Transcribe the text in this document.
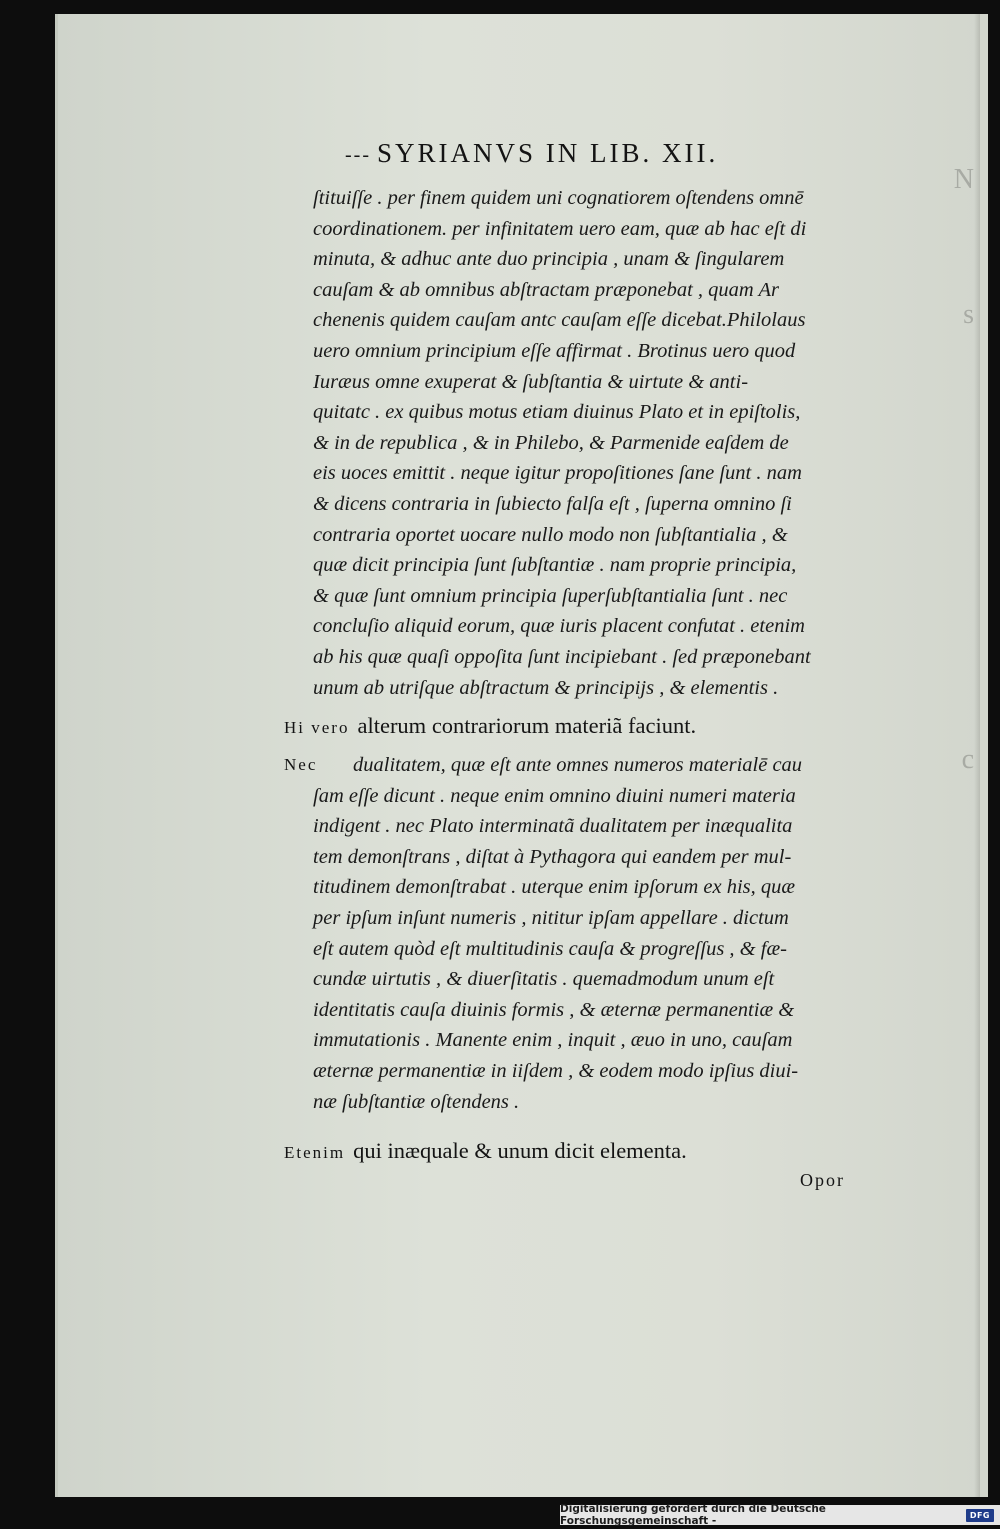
N
s
c
--- SYRIANVS IN LIB. XII.
ſtituiſſe . per finem quidem uni cognatiorem oſtendens omnē
coordinationem. per infinitatem uero eam, quæ ab hac eſt di
minuta, & adhuc ante duo principia , unam & ſingularem
cauſam & ab omnibus abſtractam præponebat , quam Ar
chenenis quidem cauſam antc cauſam eſſe dicebat.Philolaus
uero omnium principium eſſe affirmat . Brotinus uero quod
Iuræus omne exuperat & ſubſtantia & uirtute & anti-
quitatc . ex quibus motus etiam diuinus Plato et in epiſtolis,
& in de republica , & in Philebo, & Parmenide eaſdem de
eis uoces emittit . neque igitur propoſitiones ſane ſunt . nam
& dicens contraria in ſubiecto falſa eſt , ſuperna omnino ſi
contraria oportet uocare nullo modo non ſubſtantialia , &
quæ dicit principia ſunt ſubſtantiæ . nam proprie principia,
& quæ ſunt omnium principia ſuperſubſtantialia ſunt . nec
concluſio aliquid eorum, quæ iuris placent confutat . etenim
ab his quæ quaſi oppoſita ſunt incipiebant . ſed præponebant
unum ab utriſque abſtractum & principijs , & elementis .
Hi vero alterum contrariorum materiã faciunt.
Nec dualitatem, quæ eſt ante omnes numeros materialē cau
ſam eſſe dicunt . neque enim omnino diuini numeri materia
indigent . nec Plato interminatã dualitatem per inæqualita
tem demonſtrans , diſtat à Pythagora qui eandem per mul-
titudinem demonſtrabat . uterque enim ipſorum ex his, quæ
per ipſum inſunt numeris , nititur ipſam appellare . dictum
eſt autem quòd eſt multitudinis cauſa & progreſſus , & fæ-
cundæ uirtutis , & diuerſitatis . quemadmodum unum eſt
identitatis cauſa diuinis formis , & æternæ permanentiæ &
immutationis . Manente enim , inquit , æuo in uno, cauſam
æternæ permanentiæ in iiſdem , & eodem modo ipſius diui-
næ ſubſtantiæ oſtendens .
Etenim qui inæquale & unum dicit elementa.
Opor
Digitalisierung gefördert durch die Deutsche Forschungsgemeinschaft -	DFG
